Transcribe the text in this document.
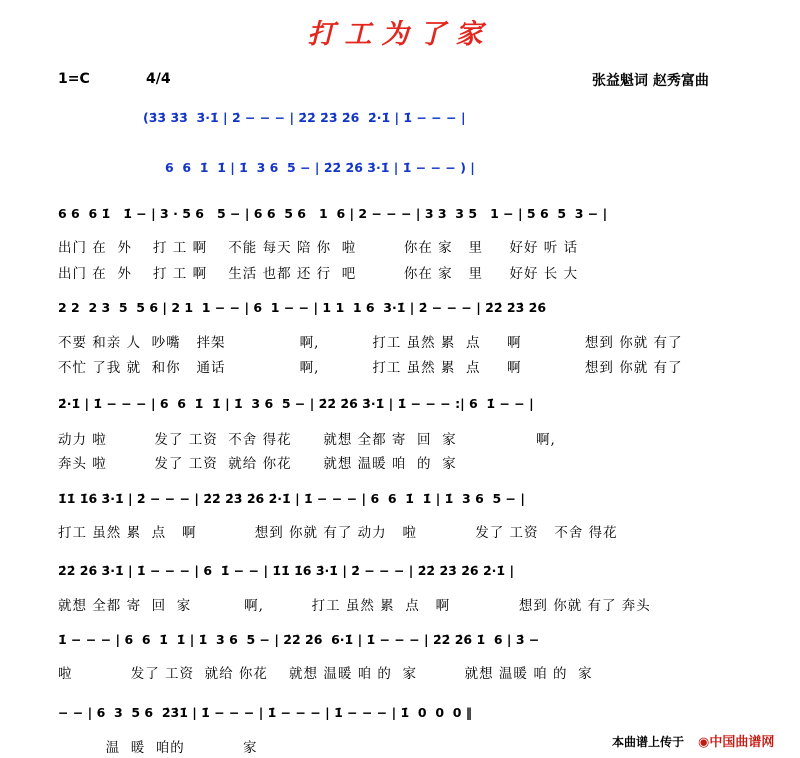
打工为了家
1=C	4/4	张益魁词 赵秀富曲
(3̇3̇ 3̇3̇  3̇·1̇ | 2̇ − − − | 2̇2̇ 2̇3̇ 2̇6̇  2̇·1̇ | 1̇ − − − |
6  6  1̇  1̇ | 1̇  3 6  5 − | 2̇2̇ 2̇6̇ 3̇·1̇ | 1̇ − − − ) |
6 6  6 1̇   1̇ − | 3 · 5 6   5 − | 6 6  5 6   1  6 | 2 − − − | 3 3  3 5   1 − | 5 6  5  3 − |
出门 在  外    打 工 啊    不能 每天 陪 你  啦         你在 家   里     好好 听 话
出门 在  外    打 工 啊    生活 也都 还 行  吧         你在 家   里     好好 长 大
2 2  2 3  5  5 6 | 2 1  1 − − | 6  1 − − | 1 1  1 6  3·1̇ | 2̇ − − − | 2̇2̇ 2̇3̇ 2̇6̇
不要 和亲 人  吵嘴   拌架              啊,          打工 虽然 累  点     啊            想到 你就 有了
不忙 了我 就  和你   通话              啊,          打工 虽然 累  点     啊            想到 你就 有了
2̇·1̇ | 1̇ − − − | 6  6  1̇  1̇ | 1̇  3 6  5 − | 2̇2̇ 2̇6̇ 3̇·1̇ | 1̇ − − − :| 6  1̇ − − |
动力 啦         发了 工资  不舍 得花      就想 全都 寄  回  家               啊,
奔头 啦         发了 工资  就给 你花      就想 温暖 咱  的  家
1̇1̇ 1̇6̇ 3̇·1̇ | 2̇ − − − | 2̇2̇ 2̇3̇ 2̇6̇ 2̇·1̇ | 1̇ − − − | 6  6  1̇  1̇ | 1̇  3 6  5 − |
打工 虽然 累  点   啊           想到 你就 有了 动力   啦           发了 工资   不舍 得花
2̇2̇ 2̇6̇ 3̇·1̇ | 1̇ − − − | 6  1̇ − − | 1̇1̇ 1̇6̇ 3̇·1̇ | 2̇ − − − | 2̇2̇ 2̇3̇ 2̇6̇ 2̇·1̇ |
就想 全都 寄  回  家          啊,         打工 虽然 累  点   啊             想到 你就 有了 奔头
1̇ − − − | 6  6  1̇  1̇ | 1̇  3 6  5 − | 2̇2̇ 2̇6̇  6·1̇ | 1̇ − − − | 2̇2̇ 2̇6̇ 1̇  6 | 3̇ −
啦           发了 工资  就给 你花    就想 温暖 咱 的  家         就想 温暖 咱 的  家
− − | 6  3  5 6  2̇3̇1̇ | 1̇ − − − | 1̇ − − − | 1̇ − − − | 1̇  0  0  0 ‖
温  暖  咱的           家	本曲谱上传于 ◉中国曲谱网
